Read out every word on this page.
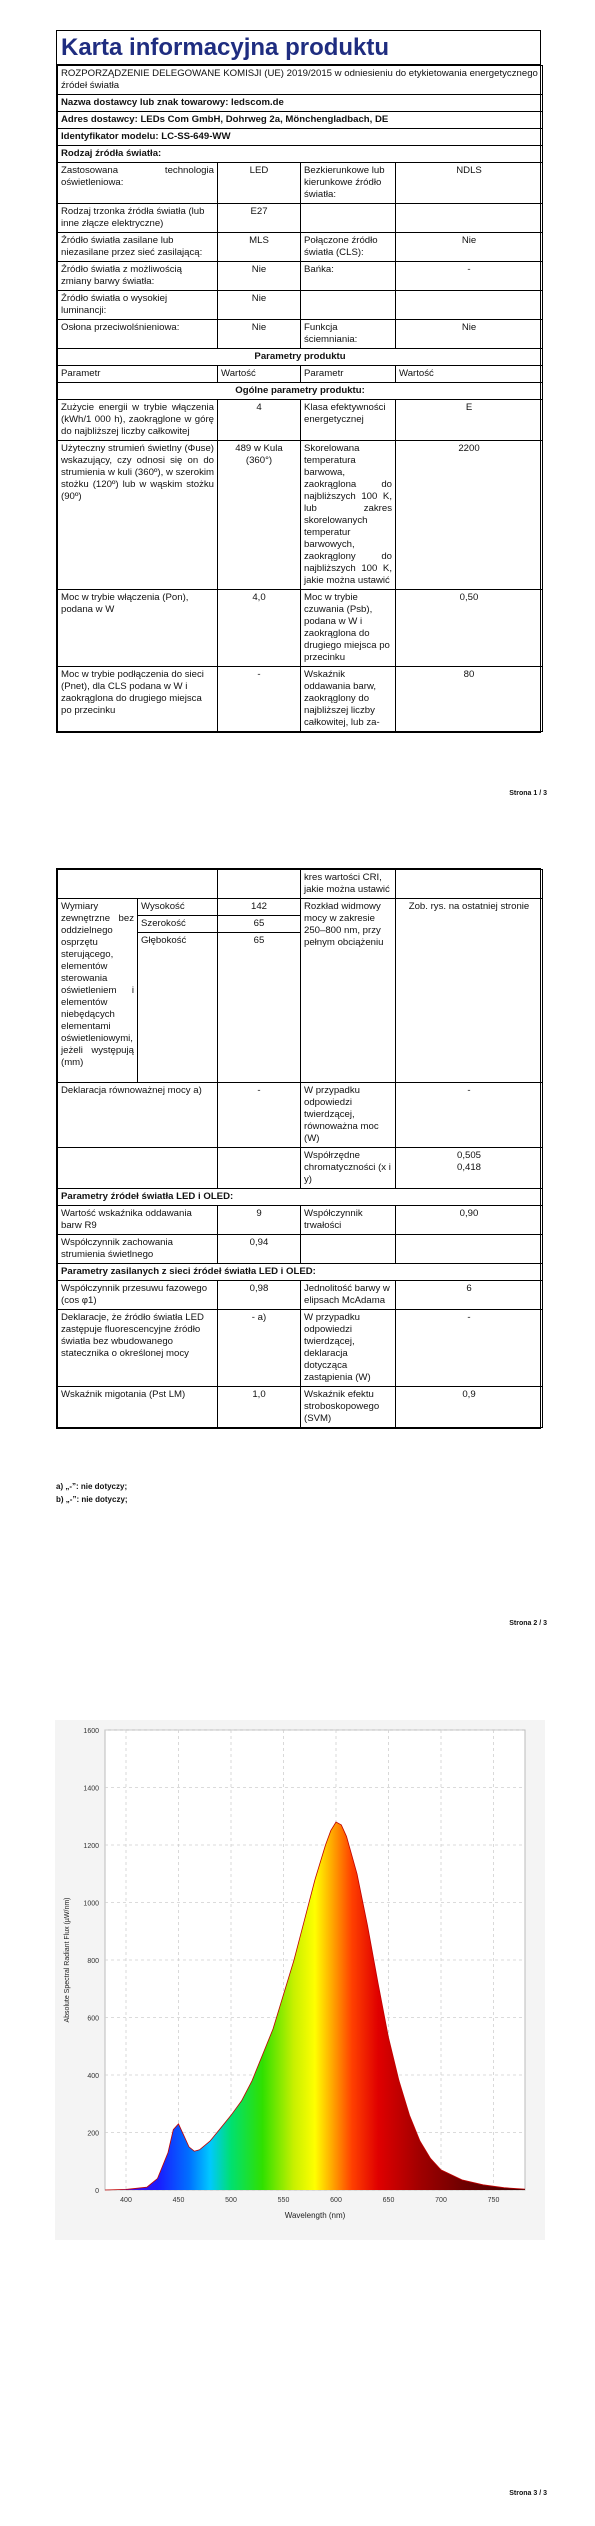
Karta informacyjna produktu
ROZPORZĄDZENIE DELEGOWANE KOMISJI (UE) 2019/2015 w odniesieniu do etykietowania energetycznego źródeł światła			
Nazwa dostawcy lub znak towarowy: ledscom.de			
Adres dostawcy: LEDs Com GmbH, Dohrweg 2a, Mönchengladbach, DE			
Identyfikator modelu: LC-SS-649-WW			
Rodzaj źródła światła:			
Zastosowana technologia oświetleniowa:	LED	Bezkierunkowe lub kierunkowe źródło światła:	NDLS
Rodzaj trzonka źródła światła (lub inne złącze elektryczne)	E27		
Źródło światła zasilane lub niezasilane przez sieć zasilającą:	MLS	Połączone źródło światła (CLS):	Nie
Źródło światła z możliwością zmiany barwy światła:	Nie	Bańka:	-
Źródło światła o wysokiej luminancji:	Nie		
Osłona przeciwolśnieniowa:	Nie	Funkcja ściemniania:	Nie
Parametry produktu			
Parametr	Wartość	Parametr	Wartość
Ogólne parametry produktu:			
Zużycie energii w trybie włączenia (kWh/1 000 h), zaokrąglone w górę do najbliższej liczby całkowitej	4	Klasa efektywności energetycznej	E
Użyteczny strumień świetlny (Φuse) wskazujący, czy odnosi się on do strumienia w kuli (360º), w szerokim stożku (120º) lub w wąskim stożku (90º)	489 w Kula (360°)	Skorelowana temperatura barwowa, zaokrąglona do najbliższych 100 K, lub zakres skorelowanych temperatur barwowych, zaokrąglony do najbliższych 100 K, jakie można ustawić	2200
Moc w trybie włączenia (Pon), podana w W	4,0	Moc w trybie czuwania (Psb), podana w W i zaokrąglona do drugiego miejsca po przecinku	0,50
Moc w trybie podłączenia do sieci (Pnet), dla CLS podana w W i zaokrąglona do drugiego miejsca po przecinku	-	Wskaźnik oddawania barw, zaokrąglony do najbliższej liczby całkowitej, lub za-	80
Strona 1 / 3
			kres wartości CRI, jakie można ustawić	
Wymiary zewnętrzne bez oddzielnego osprzętu sterującego, elementów sterowania oświetleniem i elementów niebędących elementami oświetleniowymi, jeżeli występują (mm)	Wysokość	142	Rozkład widmowy mocy w zakresie 250–800 nm, przy pełnym obciążeniu	Zob. rys. na ostatniej stronie
	Szerokość	65		
	Głębokość	65		
Deklaracja równoważnej mocy a)		-	W przypadku odpowiedzi twierdzącej, równoważna moc (W)	-
			Współrzędne chromatyczności (x i y)	0,505
0,418
Parametry źródeł światła LED i OLED:				
Wartość wskaźnika oddawania barw R9		9	Współczynnik trwałości	0,90
Współczynnik zachowania strumienia świetlnego		0,94		
Parametry zasilanych z sieci źródeł światła LED i OLED:				
Współczynnik przesuwu fazowego (cos φ1)		0,98	Jednolitość barwy w elipsach McAdama	6
Deklaracje, że źródło światła LED zastępuje fluorescencyjne źródło światła bez wbudowanego statecznika o określonej mocy		- a)	W przypadku odpowiedzi twierdzącej, deklaracja dotycząca zastąpienia (W)	-
Wskaźnik migotania (Pst LM)		1,0	Wskaźnik efektu stroboskopowego (SVM)	0,9
a) „-”: nie dotyczy;
b) „-”: nie dotyczy;
Strona 2 / 3
0
200
400
600
800
1000
1200
1400
1600
400	450	500	550	600	650	700	750
Wavelength (nm)
Absolute Spectral Radiant Flux (µW/nm)
Strona 3 / 3
